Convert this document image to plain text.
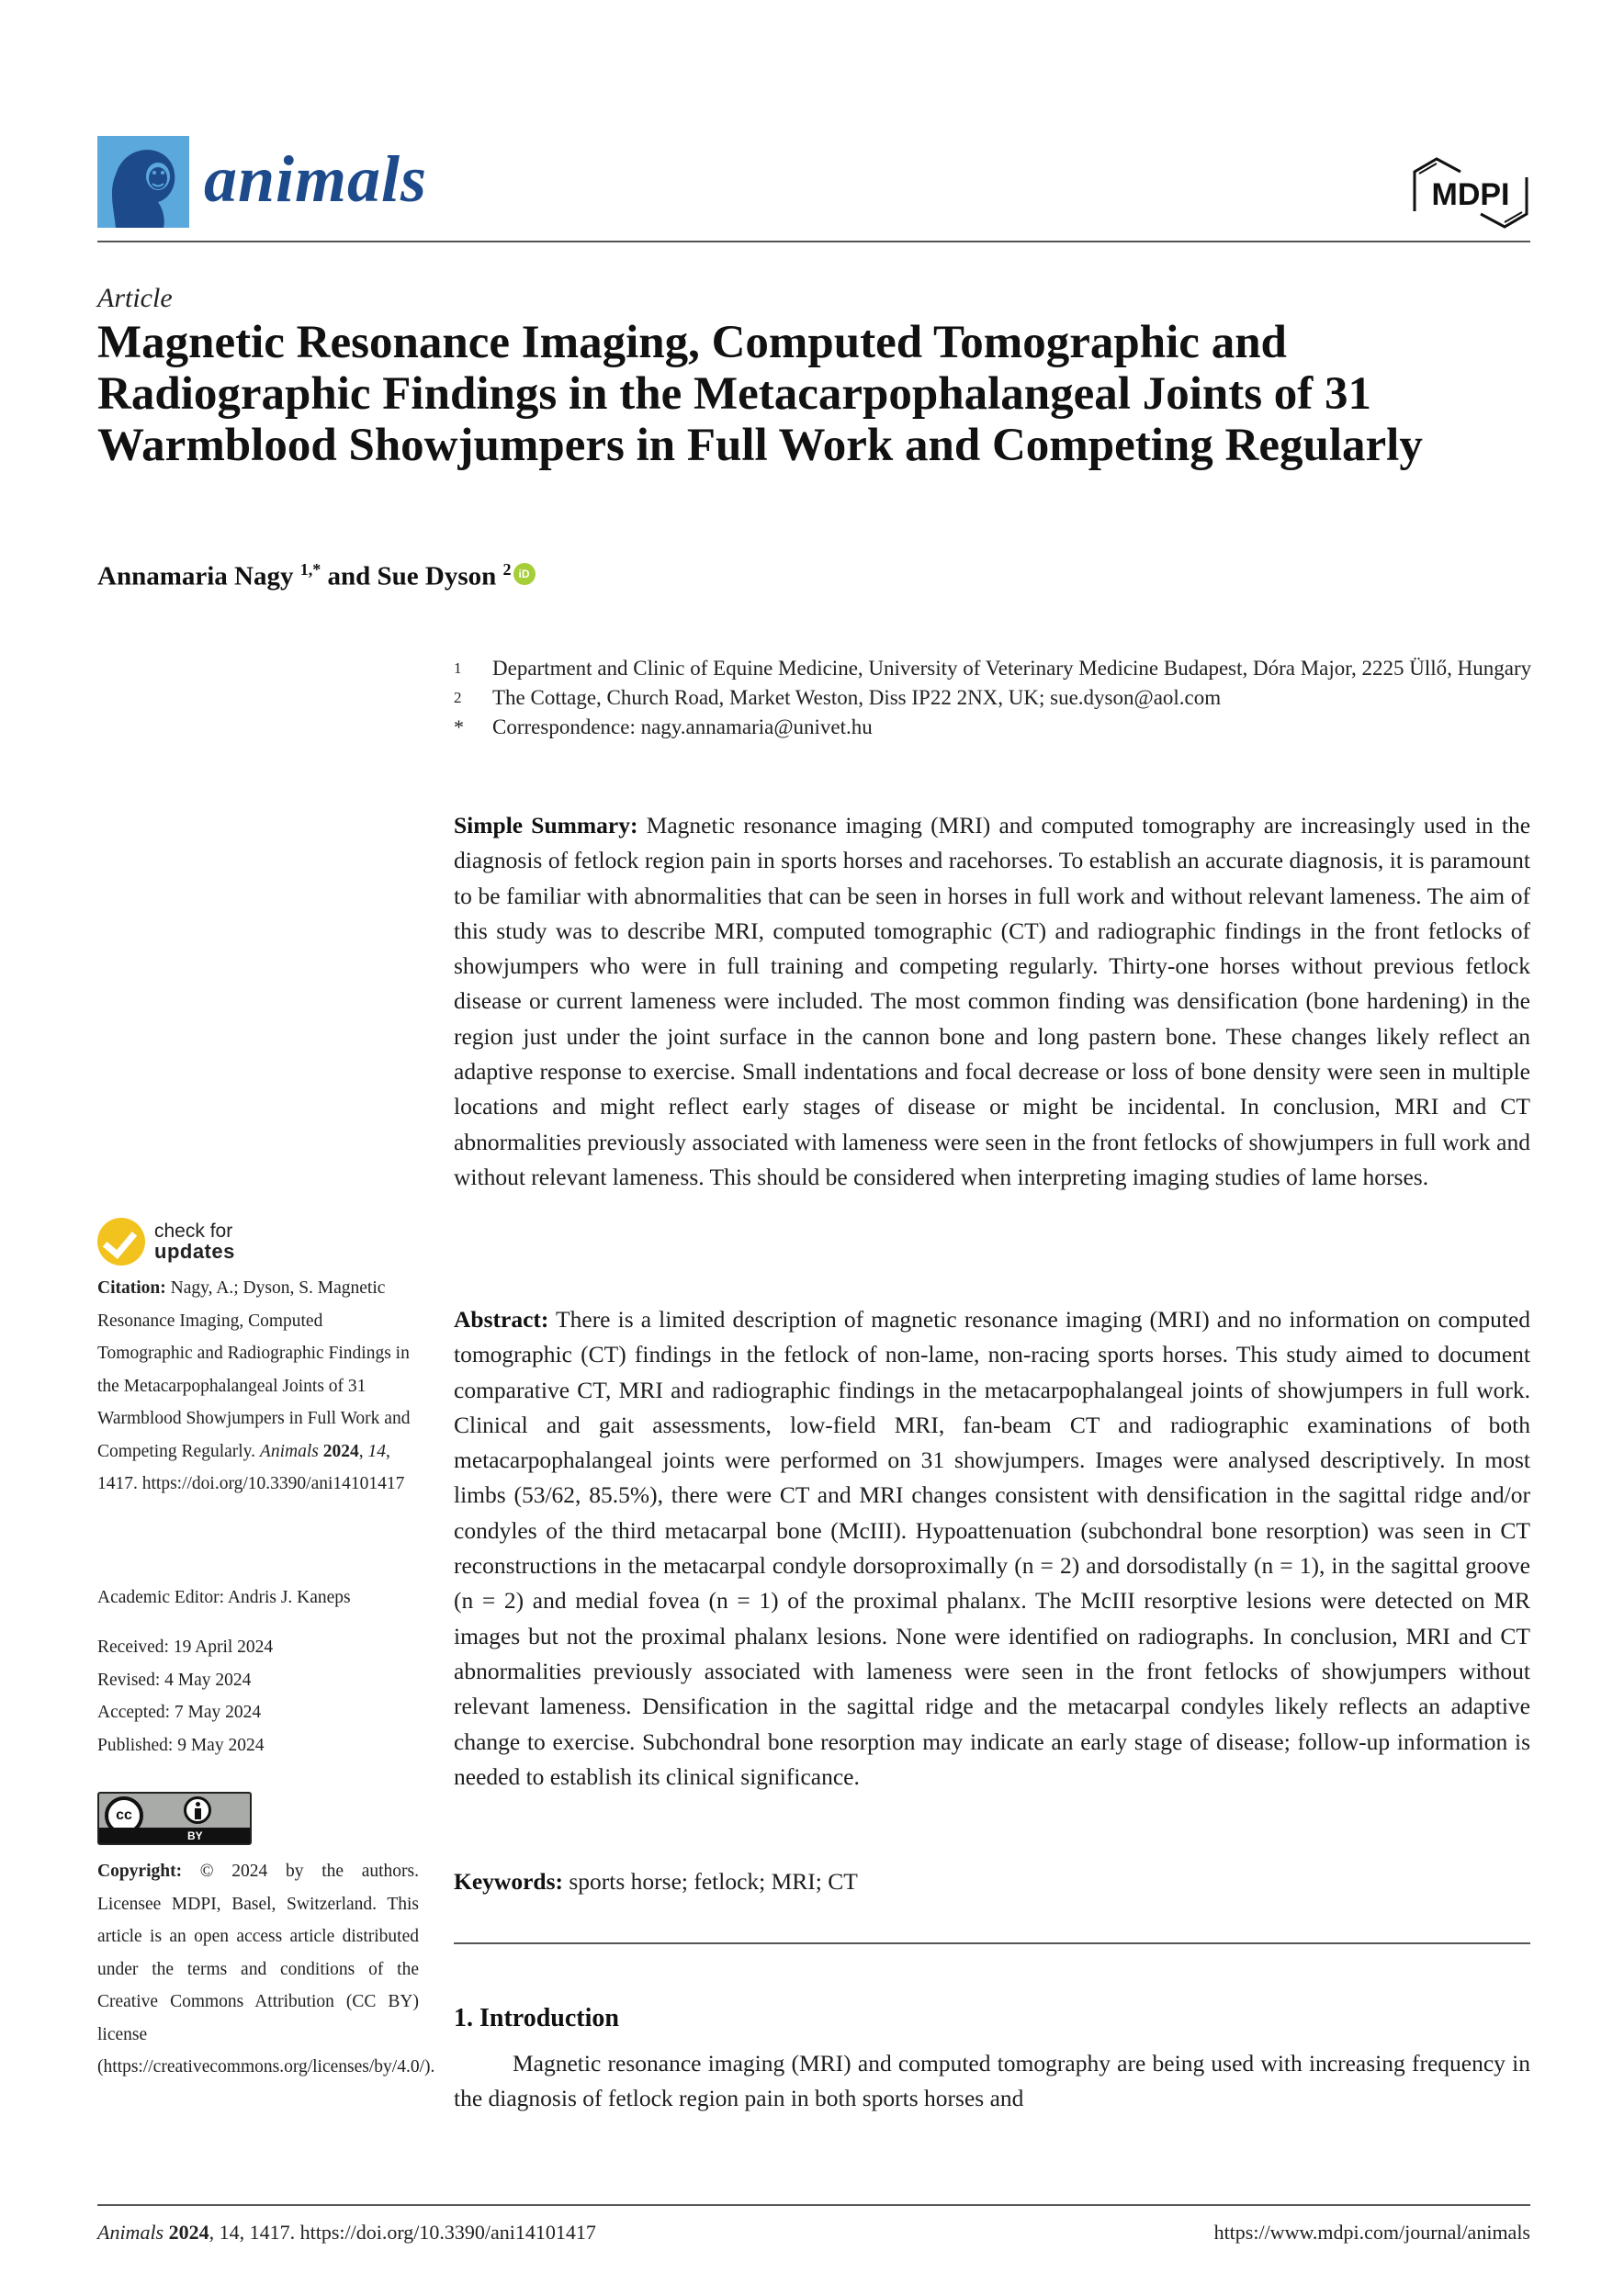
animals	MDPI
Article
Magnetic Resonance Imaging, Computed Tomographic and Radiographic Findings in the Metacarpophalangeal Joints of 31 Warmblood Showjumpers in Full Work and Competing Regularly
Annamaria Nagy $^{1,*}$ and Sue Dyson $^2$ iD
1	Department and Clinic of Equine Medicine, University of Veterinary Medicine Budapest, Dóra Major, 2225 Üllő, Hungary
2	The Cottage, Church Road, Market Weston, Diss IP22 2NX, UK; sue.dyson@aol.com
*	Correspondence: nagy.annamaria@univet.hu
Simple Summary: Magnetic resonance imaging (MRI) and computed tomography are increasingly used in the diagnosis of fetlock region pain in sports horses and racehorses. To establish an accurate diagnosis, it is paramount to be familiar with abnormalities that can be seen in horses in full work and without relevant lameness. The aim of this study was to describe MRI, computed tomographic (CT) and radiographic findings in the front fetlocks of showjumpers who were in full training and competing regularly. Thirty-one horses without previous fetlock disease or current lameness were included. The most common finding was densification (bone hardening) in the region just under the joint surface in the cannon bone and long pastern bone. These changes likely reflect an adaptive response to exercise. Small indentations and focal decrease or loss of bone density were seen in multiple locations and might reflect early stages of disease or might be incidental. In conclusion, MRI and CT abnormalities previously associated with lameness were seen in the front fetlocks of showjumpers in full work and without relevant lameness. This should be considered when interpreting imaging studies of lame horses.
Abstract: There is a limited description of magnetic resonance imaging (MRI) and no information on computed tomographic (CT) findings in the fetlock of non-lame, non-racing sports horses. This study aimed to document comparative CT, MRI and radiographic findings in the metacarpophalangeal joints of showjumpers in full work. Clinical and gait assessments, low-field MRI, fan-beam CT and radiographic examinations of both metacarpophalangeal joints were performed on 31 showjumpers. Images were analysed descriptively. In most limbs (53/62, 85.5%), there were CT and MRI changes consistent with densification in the sagittal ridge and/or condyles of the third metacarpal bone (McIII). Hypoattenuation (subchondral bone resorption) was seen in CT reconstructions in the metacarpal condyle dorsoproximally (n = 2) and dorsodistally (n = 1), in the sagittal groove (n = 2) and medial fovea (n = 1) of the proximal phalanx. The McIII resorptive lesions were detected on MR images but not the proximal phalanx lesions. None were identified on radiographs. In conclusion, MRI and CT abnormalities previously associated with lameness were seen in the front fetlocks of showjumpers without relevant lameness. Densification in the sagittal ridge and the metacarpal condyles likely reflects an adaptive change to exercise. Subchondral bone resorption may indicate an early stage of disease; follow-up information is needed to establish its clinical significance.
Keywords: sports horse; fetlock; MRI; CT
1. Introduction
Magnetic resonance imaging (MRI) and computed tomography are being used with increasing frequency in the diagnosis of fetlock region pain in both sports horses and
check for
updates
Citation: Nagy, A.; Dyson, S. Magnetic Resonance Imaging, Computed Tomographic and Radiographic Findings in the Metacarpophalangeal Joints of 31 Warmblood Showjumpers in Full Work and Competing Regularly. Animals 2024, 14, 1417. https://doi.org/10.3390/ani14101417
Academic Editor: Andris J. Kaneps
Received: 19 April 2024
Revised: 4 May 2024
Accepted: 7 May 2024
Published: 9 May 2024
cc
BY
Copyright: © 2024 by the authors. Licensee MDPI, Basel, Switzerland. This article is an open access article distributed under the terms and conditions of the Creative Commons Attribution (CC BY) license (https://creativecommons.org/licenses/by/4.0/).
Animals 2024, 14, 1417. https://doi.org/10.3390/ani14101417	https://www.mdpi.com/journal/animals
